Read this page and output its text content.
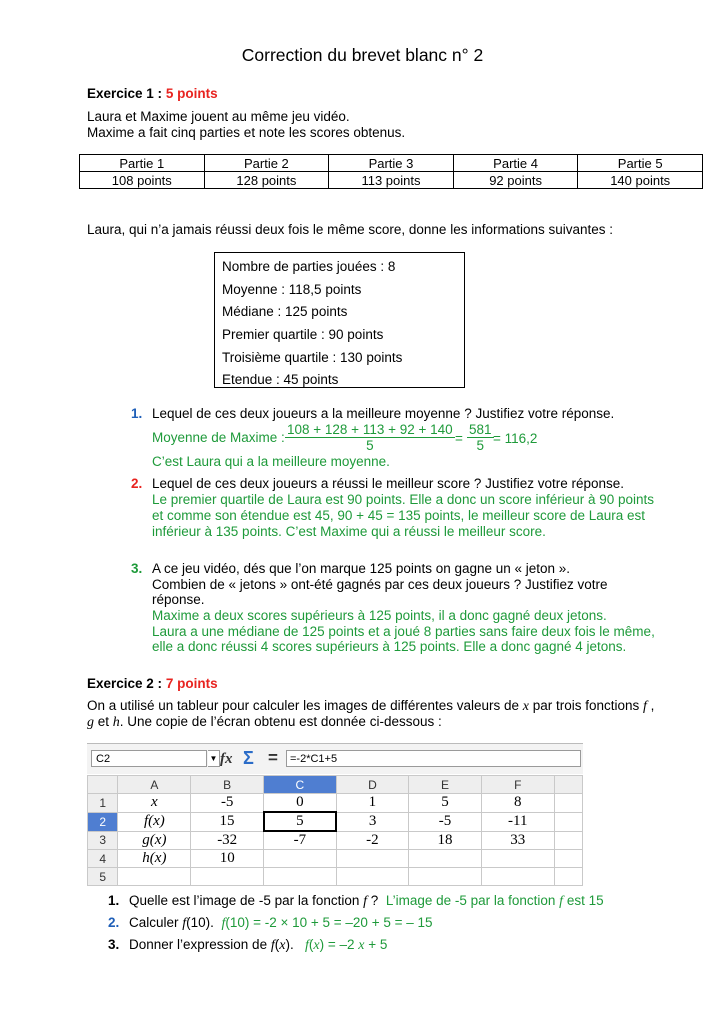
Correction du brevet blanc n° 2
Exercice 1 : 5 points
Laura et Maxime jouent au même jeu vidéo.
Maxime a fait cinq parties et note les scores obtenus.
Partie 1	Partie 2	Partie 3	Partie 4	Partie 5
108 points	128 points	113 points	92 points	140 points
Laura, qui n’a jamais réussi deux fois le même score, donne les informations suivantes :
Nombre de parties jouées : 8
Moyenne : 118,5 points
Médiane : 125 points
Premier quartile : 90 points
Troisième quartile : 130 points
Etendue : 45 points
1. Lequel de ces deux joueurs a la meilleure moyenne ? Justifiez votre réponse.
Moyenne de Maxime : $\frac{108 + 128 + 113 + 92 + 140}{5} = \frac{581}{5} = 116,2$
C’est Laura qui a la meilleure moyenne.
2. Lequel de ces deux joueurs a réussi le meilleur score ? Justifiez votre réponse.
Le premier quartile de Laura est 90 points. Elle a donc un score inférieur à 90 points
et comme son étendue est 45, 90 + 45 = 135 points, le meilleur score de Laura est
inférieur à 135 points. C’est Maxime qui a réussi le meilleur score.
3. A ce jeu vidéo, dés que l’on marque 125 points on gagne un « jeton ».
Combien de « jetons » ont-été gagnés par ces deux joueurs ? Justifiez votre
réponse.
Maxime a deux scores supérieurs à 125 points, il a donc gagné deux jetons.
Laura a une médiane de 125 points et a joué 8 parties sans faire deux fois le même,
elle a donc réussi 4 scores supérieurs à 125 points. Elle a donc gagné 4 jetons.
Exercice 2 : 7 points
On a utilisé un tableur pour calculer les images de différentes valeurs de x par trois fonctions f ,
g et h. Une copie de l’écran obtenu est donnée ci-dessous :
C2	▼ fx Σ =	=-2*C1+5
	A	B	C	D	E	F	
1	x	-5	0	1	5	8	
2	f(x)	15	5	3	-5	-11	
3	g(x)	-32	-7	-2	18	33	
4	h(x)	10					
5							
1. Quelle est l’image de -5 par la fonction f ? L’image de -5 par la fonction f est 15
2. Calculer f(10). f(10) = -2 × 10 + 5 = –20 + 5 = – 15
3. Donner l’expression de f(x). f(x) = –2 x + 5
